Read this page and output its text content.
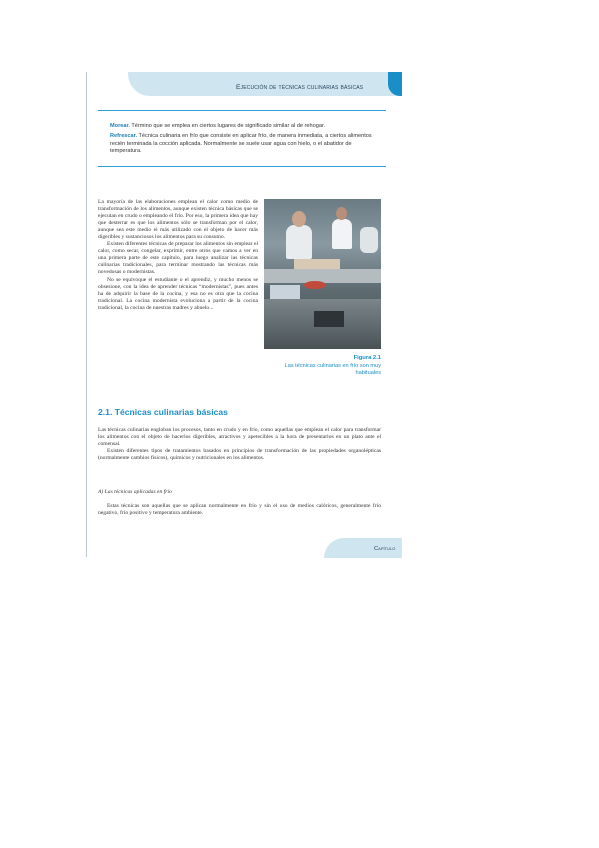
Ejecución de técnicas culinarias básicas
Morear. Término que se emplea en ciertos lugares de significado similar al de rehogar.
Refrescar. Técnica culinaria en frío que consiste en aplicar frío, de manera inmediata, a ciertos alimentos recién terminada la cocción aplicada. Normalmente se suele usar agua con hielo, o el abatidor de temperatura.

La mayoría de las elaboraciones emplean el calor como medio de transformación de los alimentos, aunque existen técnica básicas que se ejecutan en crudo o empleando el frío. Por eso, la primera idea que hay que desterrar es que los alimentos sólo se transforman por el calor, aunque sea este medio el más utilizado con el objeto de hacer más digeribles y sustanciosos los alimentos para su consumo.

Existen diferentes técnicas de preparar los alimentos sin emplear el calor, como secar, congelar, exprimir, entre otros que vamos a ver en una primera parte de este capítulo, para luego analizar las técnicas culinarias tradicionales, para terminar mostrando las técnicas más novedosas o modernistas.

No se equivoque el estudiante o el aprendiz, y mucho menos se obsesione, con la idea de aprender técnicas “modernistas”, pues antes ha de adquirir la base de la cocina, y esa no es otra que la cocina tradicional. La cocina modernista evoluciona a partir de la cocina tradicional, la cocina de nuestras madres y abuelo...

Figura 2.1
Las técnicas culinarias en frío son muy habituales
2.1. Técnicas culinarias básicas

Las técnicas culinarias engloban los procesos, tanto en crudo y en frío, como aquellas que emplean el calor para transformar los alimentos con el objeto de hacerlos digeribles, atractivos y apetecibles a la hora de presentarlos en un plato ante el comensal.

Existen diferentes tipos de tratamientos basados en principios de transformación de las propiedades organolépticas (normalmente cambios físicos), químicos y nutricionales en los alimentos.

A) Las técnicas aplicadas en frío

Estas técnicas son aquellas que se aplican normalmente en frío y sin el uso de medios calóricos, generalmente frío negativo, frío positivo y temperatura ambiente.

Capítulo
